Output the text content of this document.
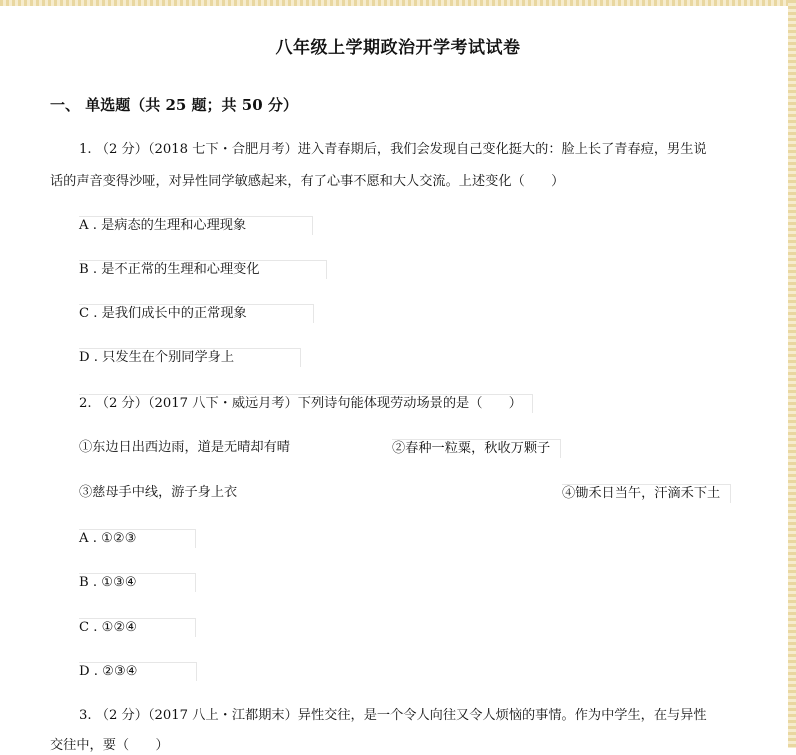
八年级上学期政治开学考试试卷
一、 单选题（共 25 题；共 50 分）
1. （2 分）（2018 七下・合肥月考）进入青春期后，我们会发现自己变化挺大的：脸上长了青春痘，男生说
话的声音变得沙哑，对异性同学敏感起来，有了心事不愿和大人交流。上述变化（　　）
A . 是病态的生理和心理现象
B . 是不正常的生理和心理变化
C . 是我们成长中的正常现象
D . 只发生在个别同学身上
2. （2 分）（2017 八下・威远月考）下列诗句能体现劳动场景的是（　　）
①东边日出西边雨，道是无晴却有晴	②春种一粒粟，秋收万颗子
③慈母手中线，游子身上衣	④锄禾日当午，汗滴禾下土
A . ①②③
B . ①③④
C . ①②④
D . ②③④
3. （2 分）（2017 八上・江都期末）异性交往，是一个令人向往又令人烦恼的事情。作为中学生，在与异性
交往中，要（　　）
